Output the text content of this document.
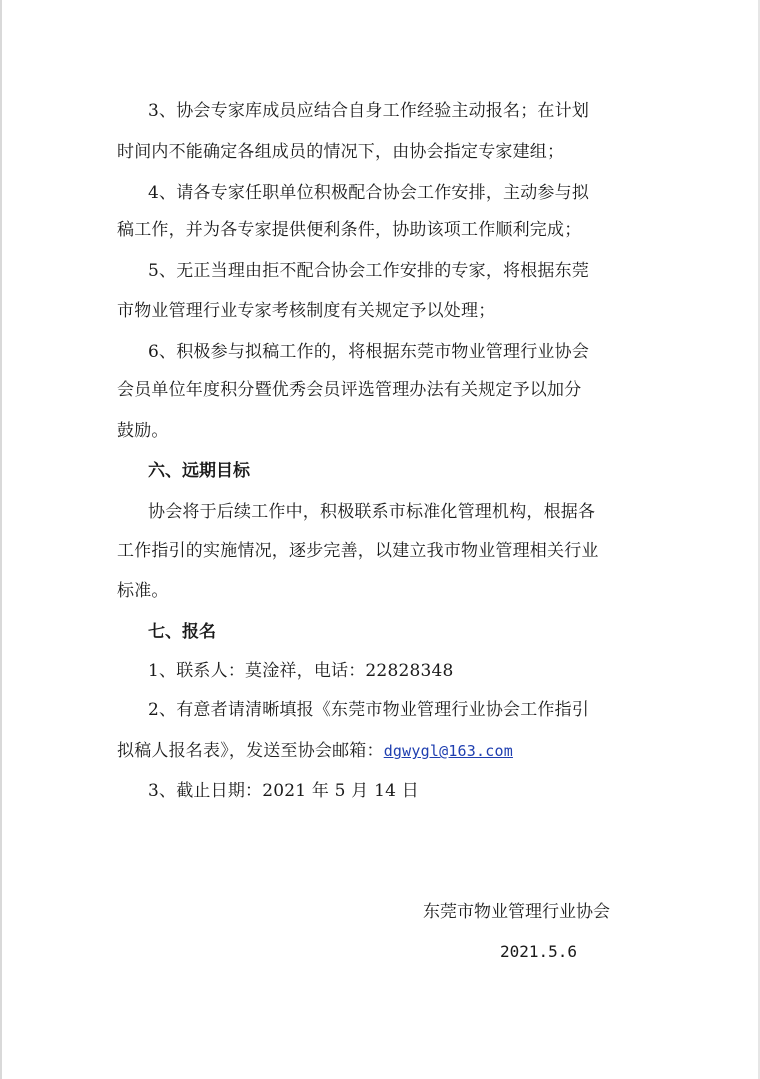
3、协会专家库成员应结合自身工作经验主动报名；在计划
时间内不能确定各组成员的情况下，由协会指定专家建组；
4、请各专家任职单位积极配合协会工作安排，主动参与拟
稿工作，并为各专家提供便利条件，协助该项工作顺利完成；
5、无正当理由拒不配合协会工作安排的专家，将根据东莞
市物业管理行业专家考核制度有关规定予以处理；
6、积极参与拟稿工作的，将根据东莞市物业管理行业协会
会员单位年度积分暨优秀会员评选管理办法有关规定予以加分
鼓励。
六、远期目标
协会将于后续工作中，积极联系市标准化管理机构，根据各
工作指引的实施情况，逐步完善，以建立我市物业管理相关行业
标准。
七、报名
1、联系人：莫淦祥，电话：22828348
2、有意者请清晰填报《东莞市物业管理行业协会工作指引
拟稿人报名表》，发送至协会邮箱：dgwygl@163.com
3、截止日期：2021 年 5 月 14 日
东莞市物业管理行业协会
2021.5.6
